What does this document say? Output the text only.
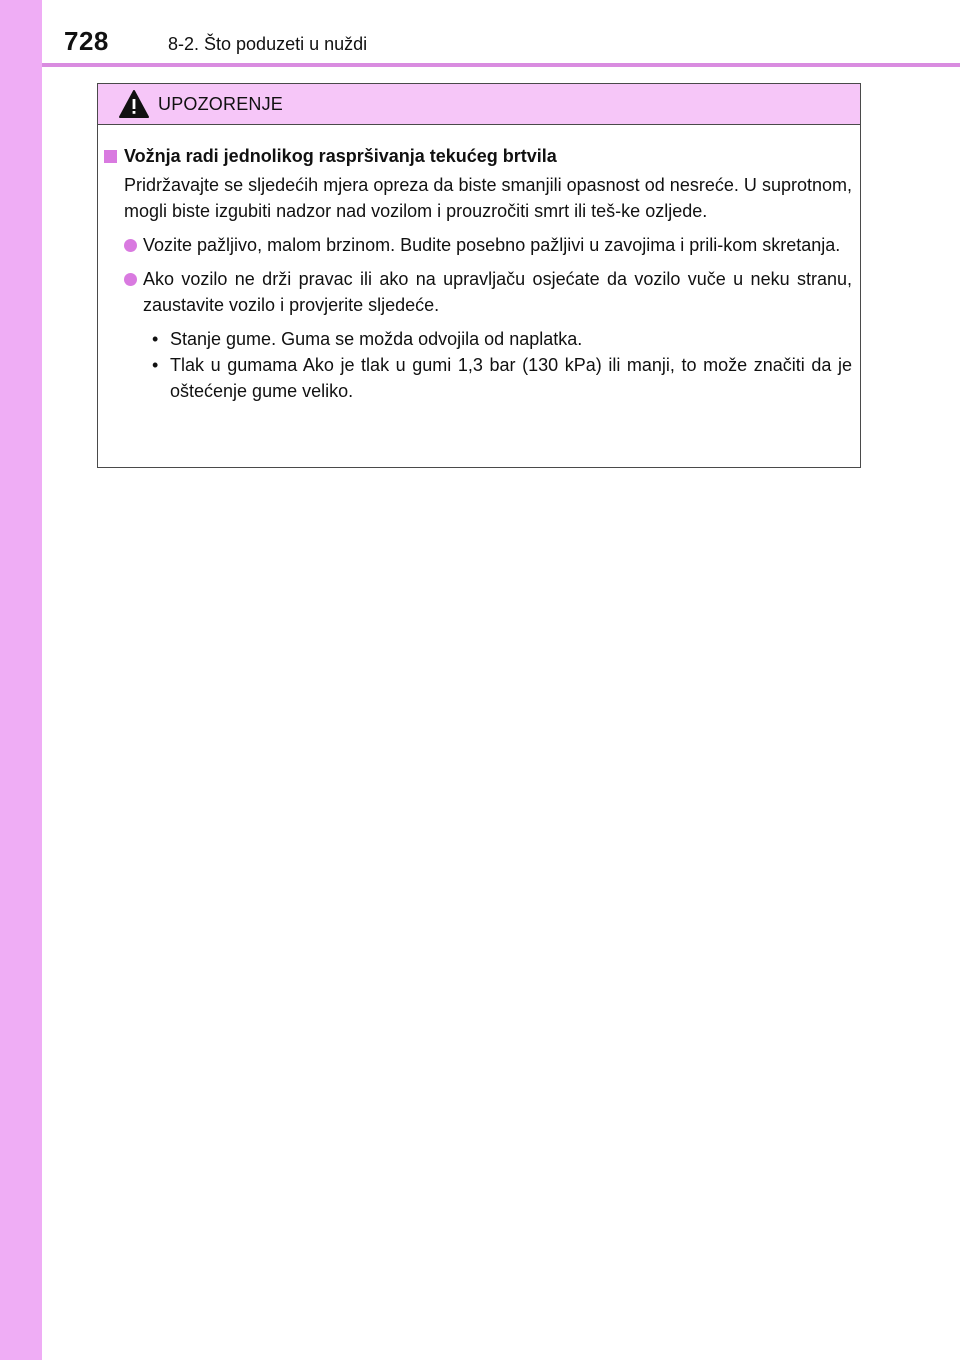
728	8-2. Što poduzeti u nuždi
UPOZORENJE
Vožnja radi jednolikog raspršivanja tekućeg brtvila
Pridržavajte se sljedećih mjera opreza da biste smanjili opasnost od nesreće. U suprotnom, mogli biste izgubiti nadzor nad vozilom i prouzročiti smrt ili teš-ke ozljede.
Vozite pažljivo, malom brzinom. Budite posebno pažljivi u zavojima i prili-kom skretanja.
Ako vozilo ne drži pravac ili ako na upravljaču osjećate da vozilo vuče u neku stranu, zaustavite vozilo i provjerite sljedeće.
• Stanje gume. Guma se možda odvojila od naplatka.
• Tlak u gumama Ako je tlak u gumi 1,3 bar (130 kPa) ili manji, to može značiti da je oštećenje gume veliko.
